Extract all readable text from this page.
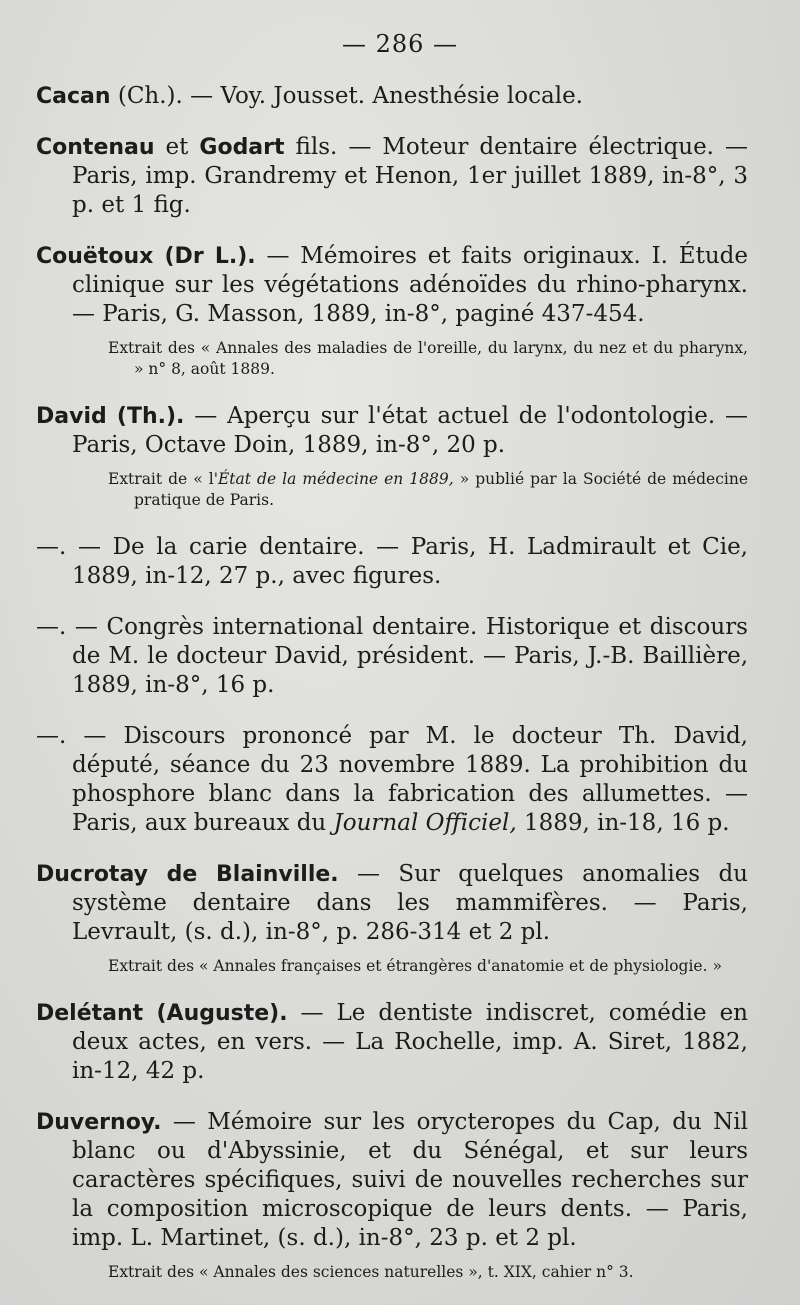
— 286 —

Cacan (Ch.). — Voy. Jousset. Anesthésie locale.

Contenau et Godart fils. — Moteur dentaire électrique. — Paris, imp. Grandremy et Henon, 1er juillet 1889, in-8°, 3 p. et 1 fig.

Couëtoux (Dr L.). — Mémoires et faits originaux. I. Étude clinique sur les végétations adénoïdes du rhino-pharynx. — Paris, G. Masson, 1889, in-8°, paginé 437-454.

Extrait des « Annales des maladies de l'oreille, du larynx, du nez et du pharynx, » n° 8, août 1889.

David (Th.). — Aperçu sur l'état actuel de l'odontologie. — Paris, Octave Doin, 1889, in-8°, 20 p.

Extrait de « l'État de la médecine en 1889, » publié par la Société de médecine pratique de Paris.

—. — De la carie dentaire. — Paris, H. Ladmirault et Cie, 1889, in-12, 27 p., avec figures.

—. — Congrès international dentaire. Historique et discours de M. le docteur David, président. — Paris, J.-B. Baillière, 1889, in-8°, 16 p.

—. — Discours prononcé par M. le docteur Th. David, député, séance du 23 novembre 1889. La prohibition du phosphore blanc dans la fabrication des allumettes. — Paris, aux bureaux du Journal Officiel, 1889, in-18, 16 p.

Ducrotay de Blainville. — Sur quelques anomalies du système dentaire dans les mammifères. — Paris, Levrault, (s. d.), in-8°, p. 286-314 et 2 pl.

Extrait des « Annales françaises et étrangères d'anatomie et de physiologie. »

Delétant (Auguste). — Le dentiste indiscret, comédie en deux actes, en vers. — La Rochelle, imp. A. Siret, 1882, in-12, 42 p.

Duvernoy. — Mémoire sur les orycteropes du Cap, du Nil blanc ou d'Abyssinie, et du Sénégal, et sur leurs caractères spécifiques, suivi de nouvelles recherches sur la composition microscopique de leurs dents. — Paris, imp. L. Martinet, (s. d.), in-8°, 23 p. et 2 pl.

Extrait des « Annales des sciences naturelles », t. XIX, cahier n° 3.
